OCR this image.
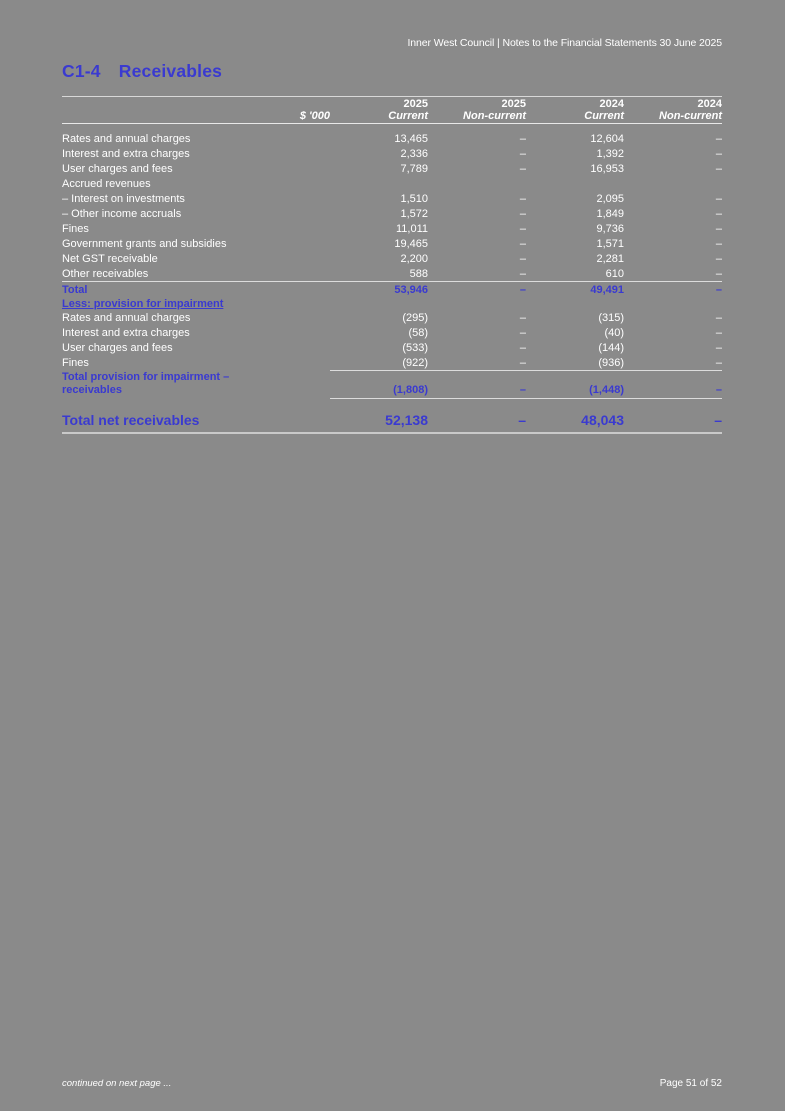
Inner West Council | Notes to the Financial Statements 30 June 2025
C1-4 Receivables

	2025	2025	2024	2024
$ '000	Current	Non-current	Current	Non-current

Rates and annual charges	13,465	–	12,604	–
Interest and extra charges	2,336	–	1,392	–
User charges and fees	7,789	–	16,953	–
Accrued revenues				
– Interest on investments	1,510	–	2,095	–
– Other income accruals	1,572	–	1,849	–
Fines	11,011	–	9,736	–
Government grants and subsidies	19,465	–	1,571	–
Net GST receivable	2,200	–	2,281	–
Other receivables	588	–	610	–
Total	53,946	–	49,491	–
Less: provision for impairment				
Rates and annual charges	(295)	–	(315)	–
Interest and extra charges	(58)	–	(40)	–
User charges and fees	(533)	–	(144)	–
Fines	(922)	–	(936)	–
Total provision for impairment –
receivables	(1,808)	–	(1,448)	–

Total net receivables	52,138	–	48,043	–
continued on next page ...	Page 51 of 52
